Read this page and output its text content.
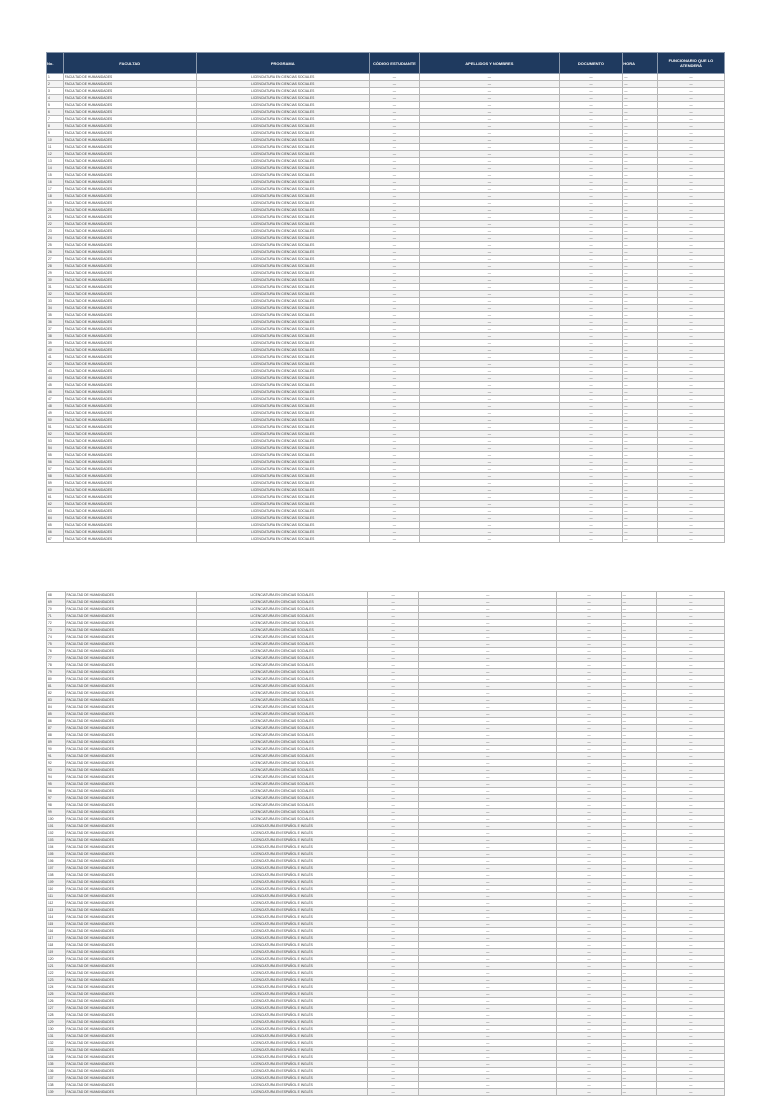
No.	FACULTAD	PROGRAMA	CÓDIGO ESTUDIANTE	APELLIDOS Y NOMBRES	DOCUMENTO	HORA	FUNCIONARIO QUE LO ATENDERÁ
1	FACULTAD DE HUMANIDADES	LICENCIATURA EN CIENCIAS SOCIALES	—	—	—	—	—
2	FACULTAD DE HUMANIDADES	LICENCIATURA EN CIENCIAS SOCIALES	—	—	—	—	—
3	FACULTAD DE HUMANIDADES	LICENCIATURA EN CIENCIAS SOCIALES	—	—	—	—	—
4	FACULTAD DE HUMANIDADES	LICENCIATURA EN CIENCIAS SOCIALES	—	—	—	—	—
5	FACULTAD DE HUMANIDADES	LICENCIATURA EN CIENCIAS SOCIALES	—	—	—	—	—
6	FACULTAD DE HUMANIDADES	LICENCIATURA EN CIENCIAS SOCIALES	—	—	—	—	—
7	FACULTAD DE HUMANIDADES	LICENCIATURA EN CIENCIAS SOCIALES	—	—	—	—	—
8	FACULTAD DE HUMANIDADES	LICENCIATURA EN CIENCIAS SOCIALES	—	—	—	—	—
9	FACULTAD DE HUMANIDADES	LICENCIATURA EN CIENCIAS SOCIALES	—	—	—	—	—
10	FACULTAD DE HUMANIDADES	LICENCIATURA EN CIENCIAS SOCIALES	—	—	—	—	—
11	FACULTAD DE HUMANIDADES	LICENCIATURA EN CIENCIAS SOCIALES	—	—	—	—	—
12	FACULTAD DE HUMANIDADES	LICENCIATURA EN CIENCIAS SOCIALES	—	—	—	—	—
13	FACULTAD DE HUMANIDADES	LICENCIATURA EN CIENCIAS SOCIALES	—	—	—	—	—
14	FACULTAD DE HUMANIDADES	LICENCIATURA EN CIENCIAS SOCIALES	—	—	—	—	—
15	FACULTAD DE HUMANIDADES	LICENCIATURA EN CIENCIAS SOCIALES	—	—	—	—	—
16	FACULTAD DE HUMANIDADES	LICENCIATURA EN CIENCIAS SOCIALES	—	—	—	—	—
17	FACULTAD DE HUMANIDADES	LICENCIATURA EN CIENCIAS SOCIALES	—	—	—	—	—
18	FACULTAD DE HUMANIDADES	LICENCIATURA EN CIENCIAS SOCIALES	—	—	—	—	—
19	FACULTAD DE HUMANIDADES	LICENCIATURA EN CIENCIAS SOCIALES	—	—	—	—	—
20	FACULTAD DE HUMANIDADES	LICENCIATURA EN CIENCIAS SOCIALES	—	—	—	—	—
21	FACULTAD DE HUMANIDADES	LICENCIATURA EN CIENCIAS SOCIALES	—	—	—	—	—
22	FACULTAD DE HUMANIDADES	LICENCIATURA EN CIENCIAS SOCIALES	—	—	—	—	—
23	FACULTAD DE HUMANIDADES	LICENCIATURA EN CIENCIAS SOCIALES	—	—	—	—	—
24	FACULTAD DE HUMANIDADES	LICENCIATURA EN CIENCIAS SOCIALES	—	—	—	—	—
25	FACULTAD DE HUMANIDADES	LICENCIATURA EN CIENCIAS SOCIALES	—	—	—	—	—
26	FACULTAD DE HUMANIDADES	LICENCIATURA EN CIENCIAS SOCIALES	—	—	—	—	—
27	FACULTAD DE HUMANIDADES	LICENCIATURA EN CIENCIAS SOCIALES	—	—	—	—	—
28	FACULTAD DE HUMANIDADES	LICENCIATURA EN CIENCIAS SOCIALES	—	—	—	—	—
29	FACULTAD DE HUMANIDADES	LICENCIATURA EN CIENCIAS SOCIALES	—	—	—	—	—
30	FACULTAD DE HUMANIDADES	LICENCIATURA EN CIENCIAS SOCIALES	—	—	—	—	—
31	FACULTAD DE HUMANIDADES	LICENCIATURA EN CIENCIAS SOCIALES	—	—	—	—	—
32	FACULTAD DE HUMANIDADES	LICENCIATURA EN CIENCIAS SOCIALES	—	—	—	—	—
33	FACULTAD DE HUMANIDADES	LICENCIATURA EN CIENCIAS SOCIALES	—	—	—	—	—
34	FACULTAD DE HUMANIDADES	LICENCIATURA EN CIENCIAS SOCIALES	—	—	—	—	—
35	FACULTAD DE HUMANIDADES	LICENCIATURA EN CIENCIAS SOCIALES	—	—	—	—	—
36	FACULTAD DE HUMANIDADES	LICENCIATURA EN CIENCIAS SOCIALES	—	—	—	—	—
37	FACULTAD DE HUMANIDADES	LICENCIATURA EN CIENCIAS SOCIALES	—	—	—	—	—
38	FACULTAD DE HUMANIDADES	LICENCIATURA EN CIENCIAS SOCIALES	—	—	—	—	—
39	FACULTAD DE HUMANIDADES	LICENCIATURA EN CIENCIAS SOCIALES	—	—	—	—	—
40	FACULTAD DE HUMANIDADES	LICENCIATURA EN CIENCIAS SOCIALES	—	—	—	—	—
41	FACULTAD DE HUMANIDADES	LICENCIATURA EN CIENCIAS SOCIALES	—	—	—	—	—
42	FACULTAD DE HUMANIDADES	LICENCIATURA EN CIENCIAS SOCIALES	—	—	—	—	—
43	FACULTAD DE HUMANIDADES	LICENCIATURA EN CIENCIAS SOCIALES	—	—	—	—	—
44	FACULTAD DE HUMANIDADES	LICENCIATURA EN CIENCIAS SOCIALES	—	—	—	—	—
45	FACULTAD DE HUMANIDADES	LICENCIATURA EN CIENCIAS SOCIALES	—	—	—	—	—
46	FACULTAD DE HUMANIDADES	LICENCIATURA EN CIENCIAS SOCIALES	—	—	—	—	—
47	FACULTAD DE HUMANIDADES	LICENCIATURA EN CIENCIAS SOCIALES	—	—	—	—	—
48	FACULTAD DE HUMANIDADES	LICENCIATURA EN CIENCIAS SOCIALES	—	—	—	—	—
49	FACULTAD DE HUMANIDADES	LICENCIATURA EN CIENCIAS SOCIALES	—	—	—	—	—
50	FACULTAD DE HUMANIDADES	LICENCIATURA EN CIENCIAS SOCIALES	—	—	—	—	—
51	FACULTAD DE HUMANIDADES	LICENCIATURA EN CIENCIAS SOCIALES	—	—	—	—	—
52	FACULTAD DE HUMANIDADES	LICENCIATURA EN CIENCIAS SOCIALES	—	—	—	—	—
53	FACULTAD DE HUMANIDADES	LICENCIATURA EN CIENCIAS SOCIALES	—	—	—	—	—
54	FACULTAD DE HUMANIDADES	LICENCIATURA EN CIENCIAS SOCIALES	—	—	—	—	—
55	FACULTAD DE HUMANIDADES	LICENCIATURA EN CIENCIAS SOCIALES	—	—	—	—	—
56	FACULTAD DE HUMANIDADES	LICENCIATURA EN CIENCIAS SOCIALES	—	—	—	—	—
57	FACULTAD DE HUMANIDADES	LICENCIATURA EN CIENCIAS SOCIALES	—	—	—	—	—
58	FACULTAD DE HUMANIDADES	LICENCIATURA EN CIENCIAS SOCIALES	—	—	—	—	—
59	FACULTAD DE HUMANIDADES	LICENCIATURA EN CIENCIAS SOCIALES	—	—	—	—	—
60	FACULTAD DE HUMANIDADES	LICENCIATURA EN CIENCIAS SOCIALES	—	—	—	—	—
61	FACULTAD DE HUMANIDADES	LICENCIATURA EN CIENCIAS SOCIALES	—	—	—	—	—
62	FACULTAD DE HUMANIDADES	LICENCIATURA EN CIENCIAS SOCIALES	—	—	—	—	—
63	FACULTAD DE HUMANIDADES	LICENCIATURA EN CIENCIAS SOCIALES	—	—	—	—	—
64	FACULTAD DE HUMANIDADES	LICENCIATURA EN CIENCIAS SOCIALES	—	—	—	—	—
65	FACULTAD DE HUMANIDADES	LICENCIATURA EN CIENCIAS SOCIALES	—	—	—	—	—
66	FACULTAD DE HUMANIDADES	LICENCIATURA EN CIENCIAS SOCIALES	—	—	—	—	—
67	FACULTAD DE HUMANIDADES	LICENCIATURA EN CIENCIAS SOCIALES	—	—	—	—	—
68	FACULTAD DE HUMANIDADES	LICENCIATURA EN CIENCIAS SOCIALES	—	—	—	—	—
69	FACULTAD DE HUMANIDADES	LICENCIATURA EN CIENCIAS SOCIALES	—	—	—	—	—
70	FACULTAD DE HUMANIDADES	LICENCIATURA EN CIENCIAS SOCIALES	—	—	—	—	—
71	FACULTAD DE HUMANIDADES	LICENCIATURA EN CIENCIAS SOCIALES	—	—	—	—	—
72	FACULTAD DE HUMANIDADES	LICENCIATURA EN CIENCIAS SOCIALES	—	—	—	—	—
73	FACULTAD DE HUMANIDADES	LICENCIATURA EN CIENCIAS SOCIALES	—	—	—	—	—
74	FACULTAD DE HUMANIDADES	LICENCIATURA EN CIENCIAS SOCIALES	—	—	—	—	—
75	FACULTAD DE HUMANIDADES	LICENCIATURA EN CIENCIAS SOCIALES	—	—	—	—	—
76	FACULTAD DE HUMANIDADES	LICENCIATURA EN CIENCIAS SOCIALES	—	—	—	—	—
77	FACULTAD DE HUMANIDADES	LICENCIATURA EN CIENCIAS SOCIALES	—	—	—	—	—
78	FACULTAD DE HUMANIDADES	LICENCIATURA EN CIENCIAS SOCIALES	—	—	—	—	—
79	FACULTAD DE HUMANIDADES	LICENCIATURA EN CIENCIAS SOCIALES	—	—	—	—	—
80	FACULTAD DE HUMANIDADES	LICENCIATURA EN CIENCIAS SOCIALES	—	—	—	—	—
81	FACULTAD DE HUMANIDADES	LICENCIATURA EN CIENCIAS SOCIALES	—	—	—	—	—
82	FACULTAD DE HUMANIDADES	LICENCIATURA EN CIENCIAS SOCIALES	—	—	—	—	—
83	FACULTAD DE HUMANIDADES	LICENCIATURA EN CIENCIAS SOCIALES	—	—	—	—	—
84	FACULTAD DE HUMANIDADES	LICENCIATURA EN CIENCIAS SOCIALES	—	—	—	—	—
85	FACULTAD DE HUMANIDADES	LICENCIATURA EN CIENCIAS SOCIALES	—	—	—	—	—
86	FACULTAD DE HUMANIDADES	LICENCIATURA EN CIENCIAS SOCIALES	—	—	—	—	—
87	FACULTAD DE HUMANIDADES	LICENCIATURA EN CIENCIAS SOCIALES	—	—	—	—	—
88	FACULTAD DE HUMANIDADES	LICENCIATURA EN CIENCIAS SOCIALES	—	—	—	—	—
89	FACULTAD DE HUMANIDADES	LICENCIATURA EN CIENCIAS SOCIALES	—	—	—	—	—
90	FACULTAD DE HUMANIDADES	LICENCIATURA EN CIENCIAS SOCIALES	—	—	—	—	—
91	FACULTAD DE HUMANIDADES	LICENCIATURA EN CIENCIAS SOCIALES	—	—	—	—	—
92	FACULTAD DE HUMANIDADES	LICENCIATURA EN CIENCIAS SOCIALES	—	—	—	—	—
93	FACULTAD DE HUMANIDADES	LICENCIATURA EN CIENCIAS SOCIALES	—	—	—	—	—
94	FACULTAD DE HUMANIDADES	LICENCIATURA EN CIENCIAS SOCIALES	—	—	—	—	—
95	FACULTAD DE HUMANIDADES	LICENCIATURA EN CIENCIAS SOCIALES	—	—	—	—	—
96	FACULTAD DE HUMANIDADES	LICENCIATURA EN CIENCIAS SOCIALES	—	—	—	—	—
97	FACULTAD DE HUMANIDADES	LICENCIATURA EN CIENCIAS SOCIALES	—	—	—	—	—
98	FACULTAD DE HUMANIDADES	LICENCIATURA EN CIENCIAS SOCIALES	—	—	—	—	—
99	FACULTAD DE HUMANIDADES	LICENCIATURA EN CIENCIAS SOCIALES	—	—	—	—	—
100	FACULTAD DE HUMANIDADES	LICENCIATURA EN CIENCIAS SOCIALES	—	—	—	—	—
101	FACULTAD DE HUMANIDADES	LICENCIATURA EN ESPAÑOL E INGLÉS	—	—	—	—	—
102	FACULTAD DE HUMANIDADES	LICENCIATURA EN ESPAÑOL E INGLÉS	—	—	—	—	—
103	FACULTAD DE HUMANIDADES	LICENCIATURA EN ESPAÑOL E INGLÉS	—	—	—	—	—
104	FACULTAD DE HUMANIDADES	LICENCIATURA EN ESPAÑOL E INGLÉS	—	—	—	—	—
105	FACULTAD DE HUMANIDADES	LICENCIATURA EN ESPAÑOL E INGLÉS	—	—	—	—	—
106	FACULTAD DE HUMANIDADES	LICENCIATURA EN ESPAÑOL E INGLÉS	—	—	—	—	—
107	FACULTAD DE HUMANIDADES	LICENCIATURA EN ESPAÑOL E INGLÉS	—	—	—	—	—
108	FACULTAD DE HUMANIDADES	LICENCIATURA EN ESPAÑOL E INGLÉS	—	—	—	—	—
109	FACULTAD DE HUMANIDADES	LICENCIATURA EN ESPAÑOL E INGLÉS	—	—	—	—	—
110	FACULTAD DE HUMANIDADES	LICENCIATURA EN ESPAÑOL E INGLÉS	—	—	—	—	—
111	FACULTAD DE HUMANIDADES	LICENCIATURA EN ESPAÑOL E INGLÉS	—	—	—	—	—
112	FACULTAD DE HUMANIDADES	LICENCIATURA EN ESPAÑOL E INGLÉS	—	—	—	—	—
113	FACULTAD DE HUMANIDADES	LICENCIATURA EN ESPAÑOL E INGLÉS	—	—	—	—	—
114	FACULTAD DE HUMANIDADES	LICENCIATURA EN ESPAÑOL E INGLÉS	—	—	—	—	—
115	FACULTAD DE HUMANIDADES	LICENCIATURA EN ESPAÑOL E INGLÉS	—	—	—	—	—
116	FACULTAD DE HUMANIDADES	LICENCIATURA EN ESPAÑOL E INGLÉS	—	—	—	—	—
117	FACULTAD DE HUMANIDADES	LICENCIATURA EN ESPAÑOL E INGLÉS	—	—	—	—	—
118	FACULTAD DE HUMANIDADES	LICENCIATURA EN ESPAÑOL E INGLÉS	—	—	—	—	—
119	FACULTAD DE HUMANIDADES	LICENCIATURA EN ESPAÑOL E INGLÉS	—	—	—	—	—
120	FACULTAD DE HUMANIDADES	LICENCIATURA EN ESPAÑOL E INGLÉS	—	—	—	—	—
121	FACULTAD DE HUMANIDADES	LICENCIATURA EN ESPAÑOL E INGLÉS	—	—	—	—	—
122	FACULTAD DE HUMANIDADES	LICENCIATURA EN ESPAÑOL E INGLÉS	—	—	—	—	—
123	FACULTAD DE HUMANIDADES	LICENCIATURA EN ESPAÑOL E INGLÉS	—	—	—	—	—
124	FACULTAD DE HUMANIDADES	LICENCIATURA EN ESPAÑOL E INGLÉS	—	—	—	—	—
125	FACULTAD DE HUMANIDADES	LICENCIATURA EN ESPAÑOL E INGLÉS	—	—	—	—	—
126	FACULTAD DE HUMANIDADES	LICENCIATURA EN ESPAÑOL E INGLÉS	—	—	—	—	—
127	FACULTAD DE HUMANIDADES	LICENCIATURA EN ESPAÑOL E INGLÉS	—	—	—	—	—
128	FACULTAD DE HUMANIDADES	LICENCIATURA EN ESPAÑOL E INGLÉS	—	—	—	—	—
129	FACULTAD DE HUMANIDADES	LICENCIATURA EN ESPAÑOL E INGLÉS	—	—	—	—	—
130	FACULTAD DE HUMANIDADES	LICENCIATURA EN ESPAÑOL E INGLÉS	—	—	—	—	—
131	FACULTAD DE HUMANIDADES	LICENCIATURA EN ESPAÑOL E INGLÉS	—	—	—	—	—
132	FACULTAD DE HUMANIDADES	LICENCIATURA EN ESPAÑOL E INGLÉS	—	—	—	—	—
133	FACULTAD DE HUMANIDADES	LICENCIATURA EN ESPAÑOL E INGLÉS	—	—	—	—	—
134	FACULTAD DE HUMANIDADES	LICENCIATURA EN ESPAÑOL E INGLÉS	—	—	—	—	—
135	FACULTAD DE HUMANIDADES	LICENCIATURA EN ESPAÑOL E INGLÉS	—	—	—	—	—
136	FACULTAD DE HUMANIDADES	LICENCIATURA EN ESPAÑOL E INGLÉS	—	—	—	—	—
137	FACULTAD DE HUMANIDADES	LICENCIATURA EN ESPAÑOL E INGLÉS	—	—	—	—	—
138	FACULTAD DE HUMANIDADES	LICENCIATURA EN ESPAÑOL E INGLÉS	—	—	—	—	—
139	FACULTAD DE HUMANIDADES	LICENCIATURA EN ESPAÑOL E INGLÉS	—	—	—	—	—
